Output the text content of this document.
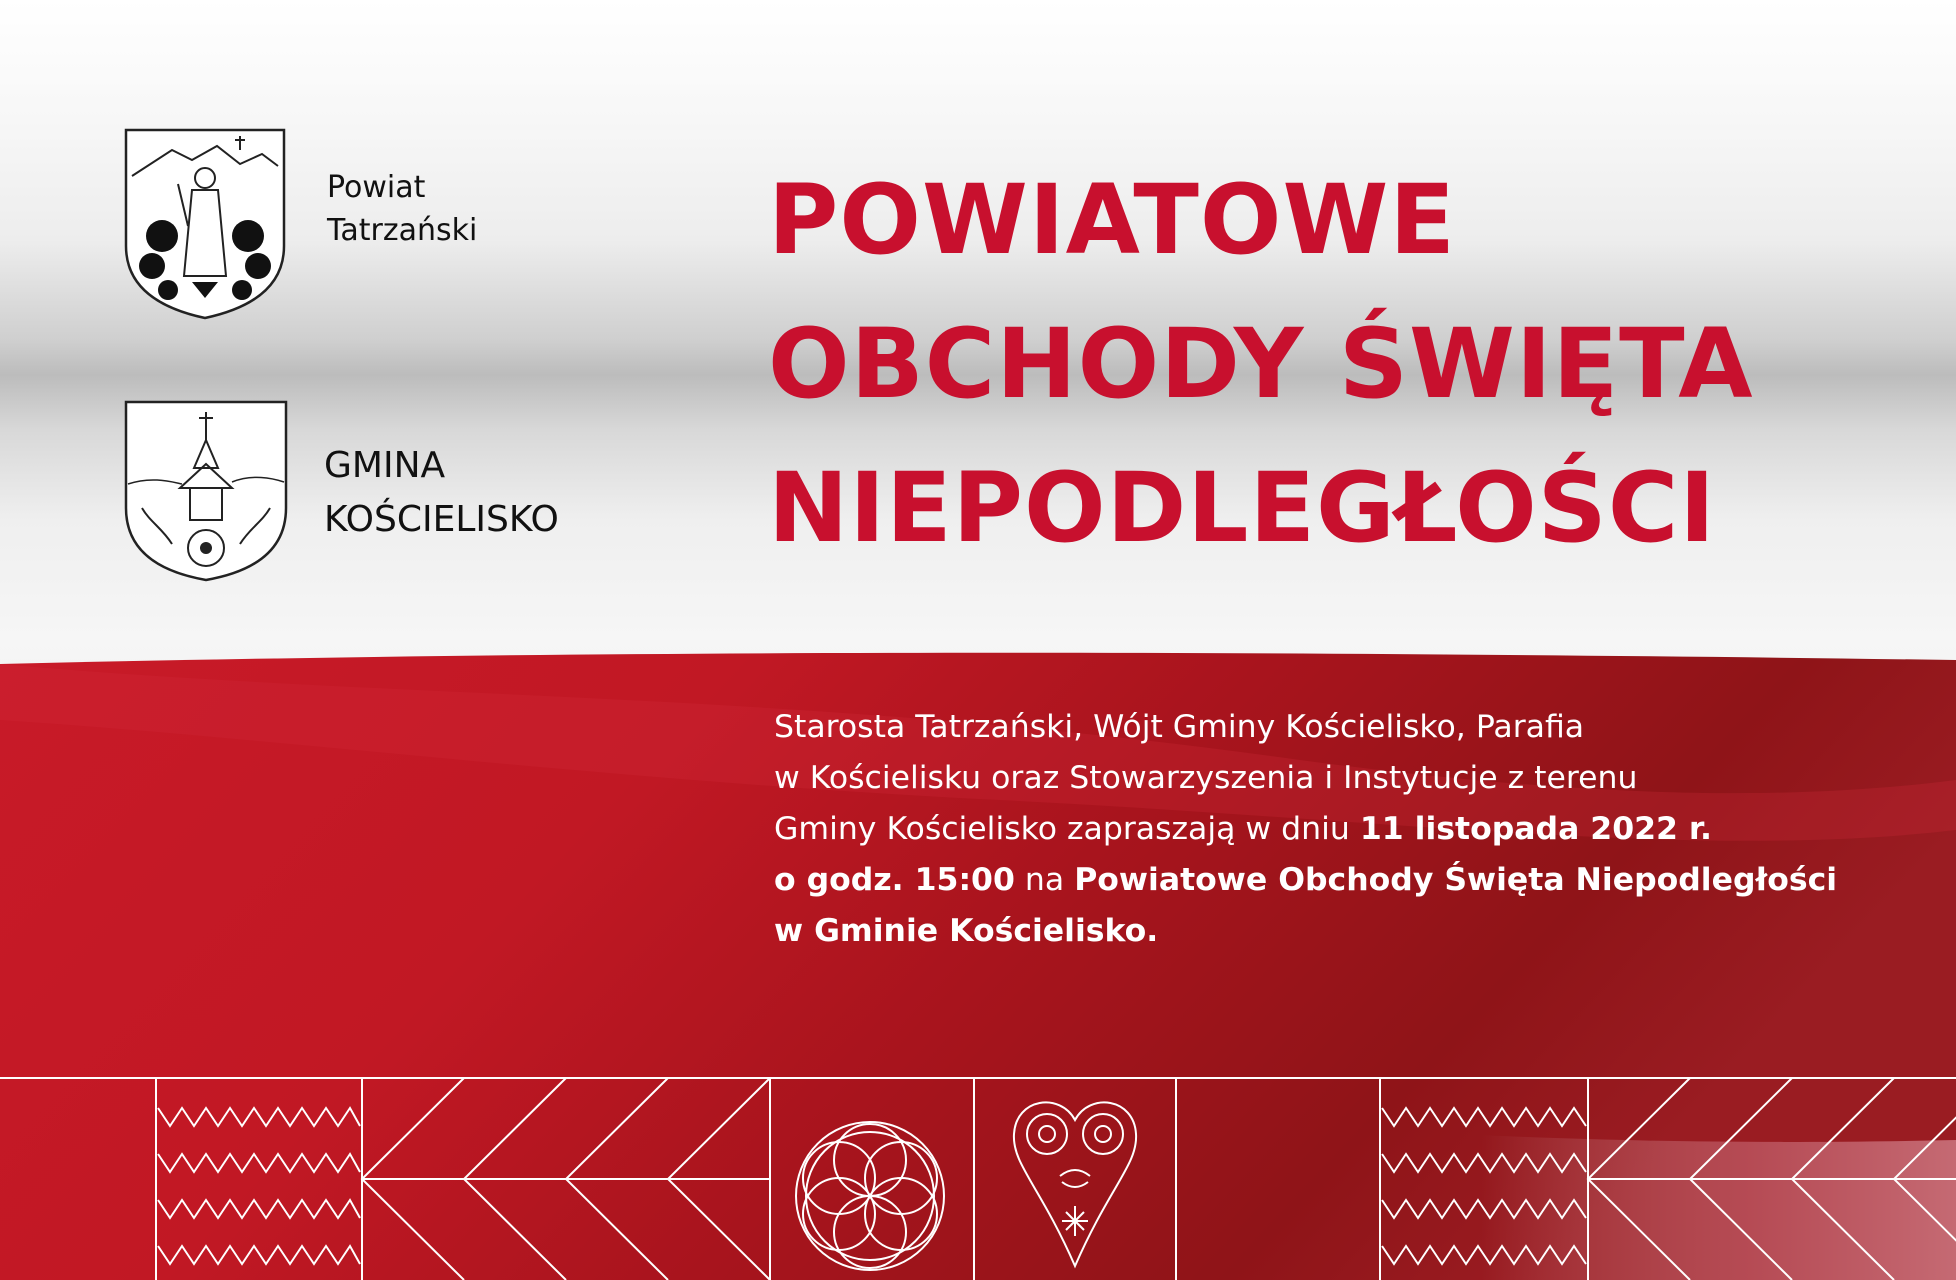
Powiat
Tatrzański
GMINA
KOŚCIELISKO
POWIATOWE
OBCHODY ŚWIĘTA
NIEPODLEGŁOŚCI
Starosta Tatrzański, Wójt Gminy Kościelisko, Parafia
w Kościelisku oraz Stowarzyszenia i Instytucje z terenu
Gminy Kościelisko zapraszają w dniu 11 listopada 2022 r.
o godz. 15:00 na Powiatowe Obchody Święta Niepodległości
w Gminie Kościelisko.
